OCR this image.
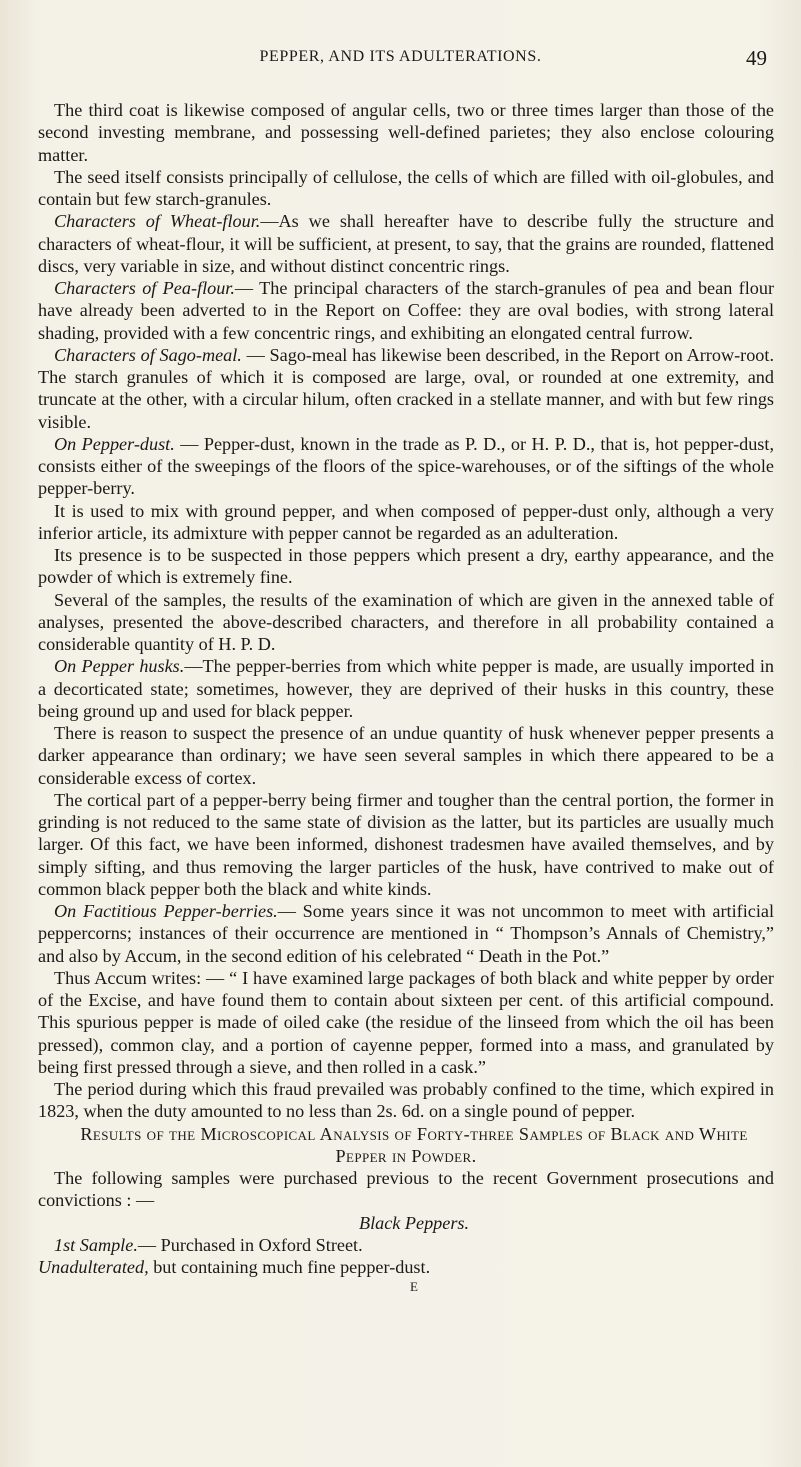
PEPPER, AND ITS ADULTERATIONS.	49

The third coat is likewise composed of angular cells, two or three times larger than those of the second investing membrane, and possessing well-defined parietes; they also enclose colouring matter.

The seed itself consists principally of cellulose, the cells of which are filled with oil-globules, and contain but few starch-granules.

Characters of Wheat-flour.—As we shall hereafter have to describe fully the structure and characters of wheat-flour, it will be sufficient, at present, to say, that the grains are rounded, flattened discs, very variable in size, and without distinct concentric rings.

Characters of Pea-flour.— The principal characters of the starch-granules of pea and bean flour have already been adverted to in the Report on Coffee: they are oval bodies, with strong lateral shading, provided with a few concentric rings, and exhibiting an elongated central furrow.

Characters of Sago-meal. — Sago-meal has likewise been described, in the Report on Arrow-root. The starch granules of which it is composed are large, oval, or rounded at one extremity, and truncate at the other, with a circular hilum, often cracked in a stellate manner, and with but few rings visible.

On Pepper-dust. — Pepper-dust, known in the trade as P. D., or H. P. D., that is, hot pepper-dust, consists either of the sweepings of the floors of the spice-warehouses, or of the siftings of the whole pepper-berry.

It is used to mix with ground pepper, and when composed of pepper-dust only, although a very inferior article, its admixture with pepper cannot be regarded as an adulteration.

Its presence is to be suspected in those peppers which present a dry, earthy appearance, and the powder of which is extremely fine.

Several of the samples, the results of the examination of which are given in the annexed table of analyses, presented the above-described characters, and therefore in all probability contained a considerable quantity of H. P. D.

On Pepper husks.—The pepper-berries from which white pepper is made, are usually imported in a decorticated state; sometimes, however, they are deprived of their husks in this country, these being ground up and used for black pepper.

There is reason to suspect the presence of an undue quantity of husk whenever pepper presents a darker appearance than ordinary; we have seen several samples in which there appeared to be a considerable excess of cortex.

The cortical part of a pepper-berry being firmer and tougher than the central portion, the former in grinding is not reduced to the same state of division as the latter, but its particles are usually much larger. Of this fact, we have been informed, dishonest tradesmen have availed themselves, and by simply sifting, and thus removing the larger particles of the husk, have contrived to make out of common black pepper both the black and white kinds.

On Factitious Pepper-berries.— Some years since it was not uncommon to meet with artificial peppercorns; instances of their occurrence are mentioned in “ Thompson’s Annals of Chemistry,” and also by Accum, in the second edition of his celebrated “ Death in the Pot.”

Thus Accum writes: — “ I have examined large packages of both black and white pepper by order of the Excise, and have found them to contain about sixteen per cent. of this artificial compound. This spurious pepper is made of oiled cake (the residue of the linseed from which the oil has been pressed), common clay, and a portion of cayenne pepper, formed into a mass, and granulated by being first pressed through a sieve, and then rolled in a cask.”

The period during which this fraud prevailed was probably confined to the time, which expired in 1823, when the duty amounted to no less than 2s. 6d. on a single pound of pepper.

Results of the Microscopical Analysis of Forty-three Samples of Black and White Pepper in Powder.

The following samples were purchased previous to the recent Government prosecutions and convictions : —

Black Peppers.

1st Sample.— Purchased in Oxford Street.

Unadulterated, but containing much fine pepper-dust.

E
